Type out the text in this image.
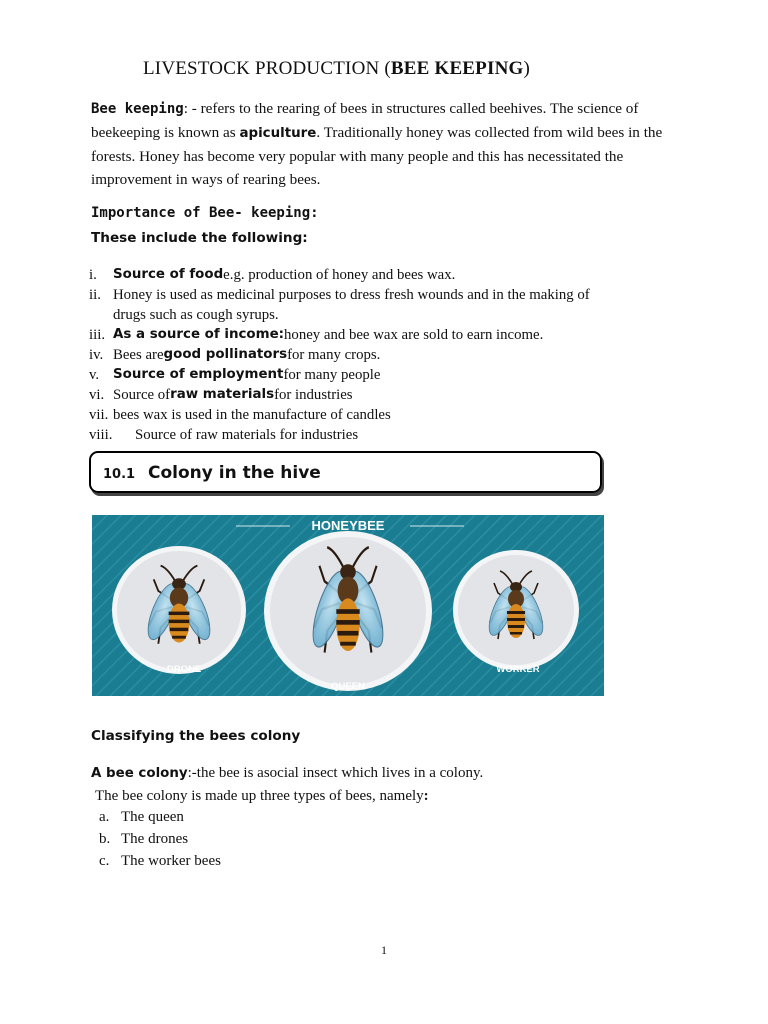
LIVESTOCK PRODUCTION (BEE KEEPING)
Bee keeping: - refers to the rearing of bees in structures called beehives. The science of beekeeping is known as apiculture. Traditionally honey was collected from wild bees in the forests. Honey has become very popular with many people and this has necessitated the improvement in ways of rearing bees.
Importance of Bee- keeping:
These include the following:
i.	Source of food e.g. production of honey and bees wax.
ii. Honey is used as medicinal purposes to dress fresh wounds and in the making of
drugs such as cough syrups.
iii. As a source of income: honey and bee wax are sold to earn income.
iv. Bees are good pollinators for many crops.
v.	Source of employment for many people
vi. Source of raw materials for industries
vii. bees wax is used in the manufacture of candles
viii.	Source of raw materials for industries
10.1 Colony in the hive
HONEYBEE
DRONE
QUEEN
WORKER
Classifying the bees colony
A bee colony:-the bee is asocial insect which lives in a colony.
The bee colony is made up three types of bees, namely:
a. The queen
b. The drones
c. The worker bees
1
